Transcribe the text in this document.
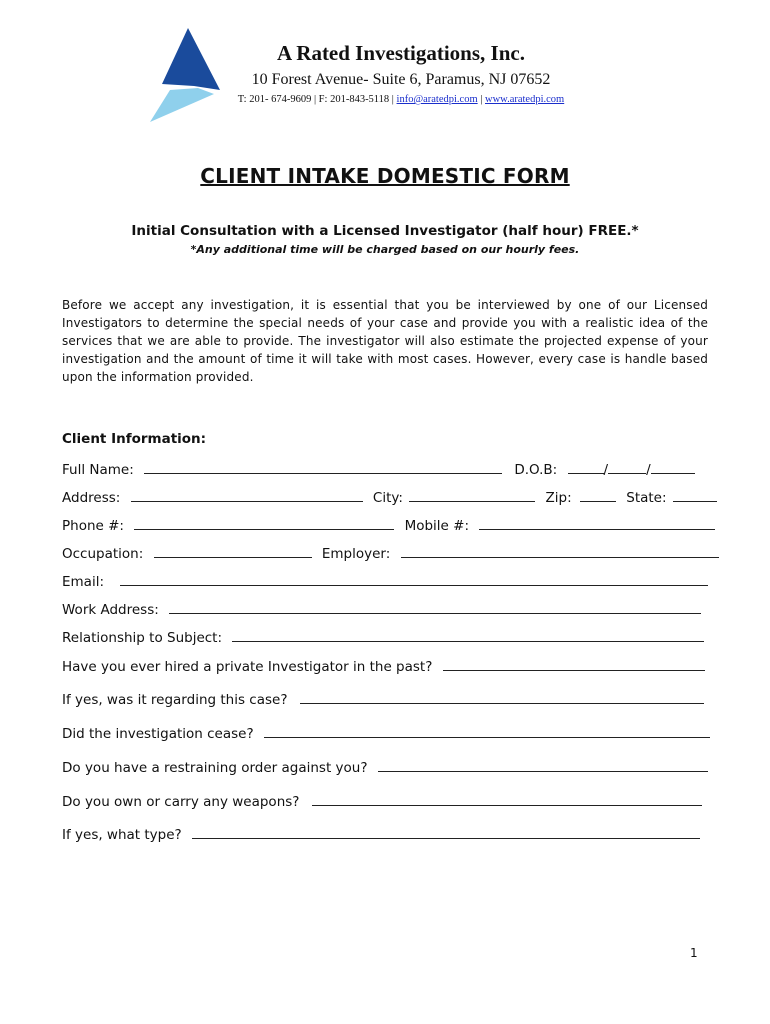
A Rated Investigations, Inc.
10 Forest Avenue- Suite 6, Paramus, NJ 07652
T: 201- 674-9609 | F: 201-843-5118 | info@aratedpi.com | www.aratedpi.com
CLIENT INTAKE DOMESTIC FORM
Initial Consultation with a Licensed Investigator (half hour) FREE.*
*Any additional time will be charged based on our hourly fees.
Before we accept any investigation, it is essential that you be interviewed by one of our Licensed Investigators to determine the special needs of your case and provide you with a realistic idea of the services that we are able to provide. The investigator will also estimate the projected expense of your investigation and the amount of time it will take with most cases. However, every case is handle based upon the information provided.
Client Information:
Full Name:	D.O.B:	/	/
Address:	City:	Zip:	State:
Phone #:	Mobile #:
Occupation:	Employer:
Email:
Work Address:
Relationship to Subject:
Have you ever hired a private Investigator in the past?
If yes, was it regarding this case?
Did the investigation cease?
Do you have a restraining order against you?
Do you own or carry any weapons?
If yes, what type?
1
